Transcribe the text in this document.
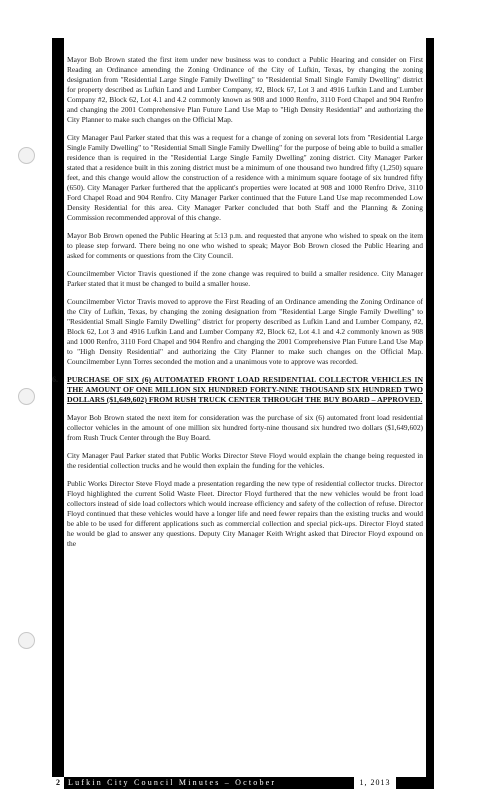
Mayor Bob Brown stated the first item under new business was to conduct a Public Hearing and consider on First Reading an Ordinance amending the Zoning Ordinance of the City of Lufkin, Texas, by changing the zoning designation from "Residential Large Single Family Dwelling" to "Residential Small Single Family Dwelling" district for property described as Lufkin Land and Lumber Company, #2, Block 67, Lot 3 and 4916 Lufkin Land and Lumber Company #2, Block 62, Lot 4.1 and 4.2 commonly known as 908 and 1000 Renfro, 3110 Ford Chapel and 904 Renfro and changing the 2001 Comprehensive Plan Future Land Use Map to "High Density Residential" and authorizing the City Planner to make such changes on the Official Map.

City Manager Paul Parker stated that this was a request for a change of zoning on several lots from "Residential Large Single Family Dwelling" to "Residential Small Single Family Dwelling" for the purpose of being able to build a smaller residence than is required in the "Residential Large Single Family Dwelling" zoning district. City Manager Parker stated that a residence built in this zoning district must be a minimum of one thousand two hundred fifty (1,250) square feet, and this change would allow the construction of a residence with a minimum square footage of six hundred fifty (650). City Manager Parker furthered that the applicant's properties were located at 908 and 1000 Renfro Drive, 3110 Ford Chapel Road and 904 Renfro. City Manager Parker continued that the Future Land Use map recommended Low Density Residential for this area. City Manager Parker concluded that both Staff and the Planning & Zoning Commission recommended approval of this change.

Mayor Bob Brown opened the Public Hearing at 5:13 p.m. and requested that anyone who wished to speak on the item to please step forward. There being no one who wished to speak; Mayor Bob Brown closed the Public Hearing and asked for comments or questions from the City Council.

Councilmember Victor Travis questioned if the zone change was required to build a smaller residence. City Manager Parker stated that it must be changed to build a smaller house.

Councilmember Victor Travis moved to approve the First Reading of an Ordinance amending the Zoning Ordinance of the City of Lufkin, Texas, by changing the zoning designation from "Residential Large Single Family Dwelling" to "Residential Small Single Family Dwelling" district for property described as Lufkin Land and Lumber Company, #2, Block 62, Lot 3 and 4916 Lufkin Land and Lumber Company #2, Block 62, Lot 4.1 and 4.2 commonly known as 908 and 1000 Renfro, 3110 Ford Chapel and 904 Renfro and changing the 2001 Comprehensive Plan Future Land Use Map to "High Density Residential" and authorizing the City Planner to make such changes on the Official Map. Councilmember Lynn Torres seconded the motion and a unanimous vote to approve was recorded.

6. PURCHASE OF SIX (6) AUTOMATED FRONT LOAD RESIDENTIAL COLLECTOR VEHICLES IN THE AMOUNT OF ONE MILLION SIX HUNDRED FORTY-NINE THOUSAND SIX HUNDRED TWO DOLLARS ($1,649,602) FROM RUSH TRUCK CENTER THROUGH THE BUY BOARD – APPROVED.

Mayor Bob Brown stated the next item for consideration was the purchase of six (6) automated front load residential collector vehicles in the amount of one million six hundred forty-nine thousand six hundred two dollars ($1,649,602) from Rush Truck Center through the Buy Board.

City Manager Paul Parker stated that Public Works Director Steve Floyd would explain the change being requested in the residential collection trucks and he would then explain the funding for the vehicles.

Public Works Director Steve Floyd made a presentation regarding the new type of residential collector trucks. Director Floyd highlighted the current Solid Waste Fleet. Director Floyd furthered that the new vehicles would be front load collectors instead of side load collectors which would increase efficiency and safety of the collection of refuse. Director Floyd continued that these vehicles would have a longer life and need fewer repairs than the existing trucks and would be able to be used for different applications such as commercial collection and special pick-ups. Director Floyd stated he would be glad to answer any questions. Deputy City Manager Keith Wright asked that Director Floyd expound on the

2	Lufkin City Council Minutes – October	1, 2013
